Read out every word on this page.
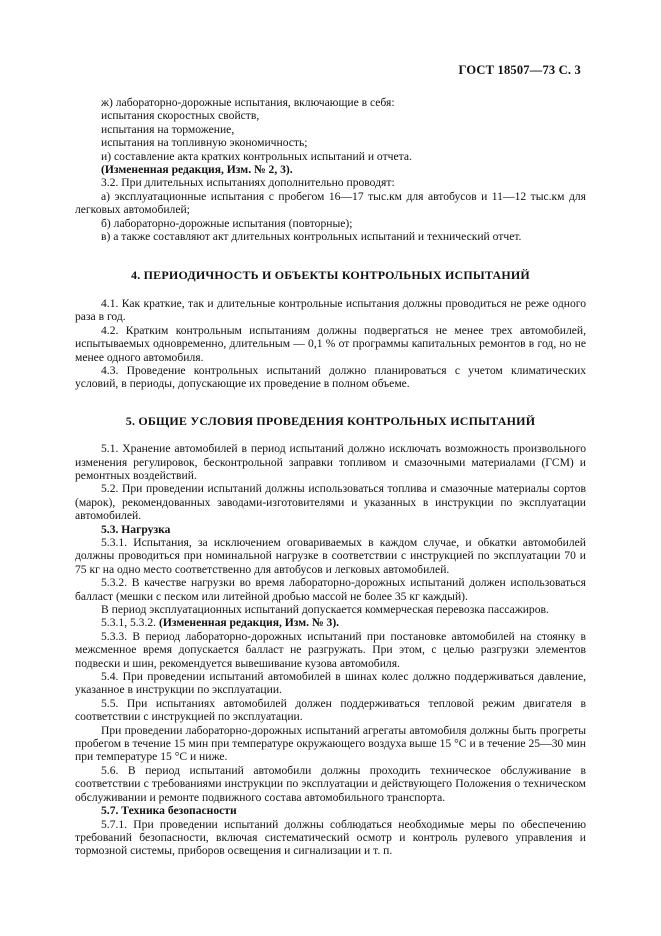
ГОСТ 18507—73 С. 3

ж) лабораторно-дорожные испытания, включающие в себя:

испытания скоростных свойств,

испытания на торможение,

испытания на топливную экономичность;

и) составление акта кратких контрольных испытаний и отчета.

(Измененная редакция, Изм. № 2, 3).

3.2. При длительных испытаниях дополнительно проводят:

а) эксплуатационные испытания с пробегом 16—17 тыс.км для автобусов и 11—12 тыс.км для легковых автомобилей;

б) лабораторно-дорожные испытания (повторные);

в) а также составляют акт длительных контрольных испытаний и технический отчет.

4. ПЕРИОДИЧНОСТЬ И ОБЪЕКТЫ КОНТРОЛЬНЫХ ИСПЫТАНИЙ

4.1. Как краткие, так и длительные контрольные испытания должны проводиться не реже одного раза в год.

4.2. Кратким контрольным испытаниям должны подвергаться не менее трех автомобилей, испытываемых одновременно, длительным — 0,1 % от программы капитальных ремонтов в год, но не менее одного автомобиля.

4.3. Проведение контрольных испытаний должно планироваться с учетом климатических условий, в периоды, допускающие их проведение в полном объеме.

5. ОБЩИЕ УСЛОВИЯ ПРОВЕДЕНИЯ КОНТРОЛЬНЫХ ИСПЫТАНИЙ

5.1. Хранение автомобилей в период испытаний должно исключать возможность произвольного изменения регулировок, бесконтрольной заправки топливом и смазочными материалами (ГСМ) и ремонтных воздействий.

5.2. При проведении испытаний должны использоваться топлива и смазочные материалы сортов (марок), рекомендованных заводами-изготовителями и указанных в инструкции по эксплуатации автомобилей.

5.3. Нагрузка

5.3.1. Испытания, за исключением оговариваемых в каждом случае, и обкатки автомобилей должны проводиться при номинальной нагрузке в соответствии с инструкцией по эксплуатации 70 и 75 кг на одно место соответственно для автобусов и легковых автомобилей.

5.3.2. В качестве нагрузки во время лабораторно-дорожных испытаний должен использоваться балласт (мешки с песком или литейной дробью массой не более 35 кг каждый).

В период эксплуатационных испытаний допускается коммерческая перевозка пассажиров.

5.3.1, 5.3.2. (Измененная редакция, Изм. № 3).

5.3.3. В период лабораторно-дорожных испытаний при постановке автомобилей на стоянку в межсменное время допускается балласт не разгружать. При этом, с целью разгрузки элементов подвески и шин, рекомендуется вывешивание кузова автомобиля.

5.4. При проведении испытаний автомобилей в шинах колес должно поддерживаться давление, указанное в инструкции по эксплуатации.

5.5. При испытаниях автомобилей должен поддерживаться тепловой режим двигателя в соответствии с инструкцией по эксплуатации.

При проведении лабораторно-дорожных испытаний агрегаты автомобиля должны быть прогреты пробегом в течение 15 мин при температуре окружающего воздуха выше 15 °С и в течение 25—30 мин при температуре 15 °С и ниже.

5.6. В период испытаний автомобили должны проходить техническое обслуживание в соответствии с требованиями инструкции по эксплуатации и действующего Положения о техническом обслуживании и ремонте подвижного состава автомобильного транспорта.

5.7. Техника безопасности

5.7.1. При проведении испытаний должны соблюдаться необходимые меры по обеспечению требований безопасности, включая систематический осмотр и контроль рулевого управления и тормозной системы, приборов освещения и сигнализации и т. п.
